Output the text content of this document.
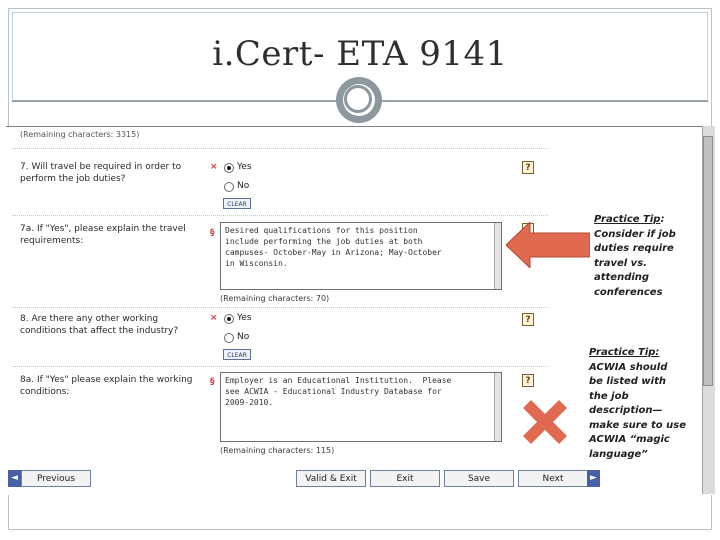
i.Cert- ETA 9141
(Remaining characters: 3315)
7. Will travel be required in order to perform the job duties?
× Yes
No
CLEAR
?
7a. If "Yes", please explain the travel requirements:
§	Desired qualifications for this position
include performing the job duties at both
campuses- October-May in Arizona; May-October
in Wisconsin.
(Remaining characters: 70)
8. Are there any other working conditions that affect the industry?
× Yes
No
CLEAR
?
8a. If "Yes" please explain the working conditions:
§	Employer is an Educational Institution.  Please
see ACWIA - Educational Industry Database for
2009-2010.
(Remaining characters: 115)
?
◄	Previous	Valid & Exit	Exit	Save	Next	►
Practice Tip:
Consider if job
duties require
travel vs.
attending
conferences
Practice Tip:
ACWIA should
be listed with
the job
description—
make sure to use
ACWIA “magic
language”
